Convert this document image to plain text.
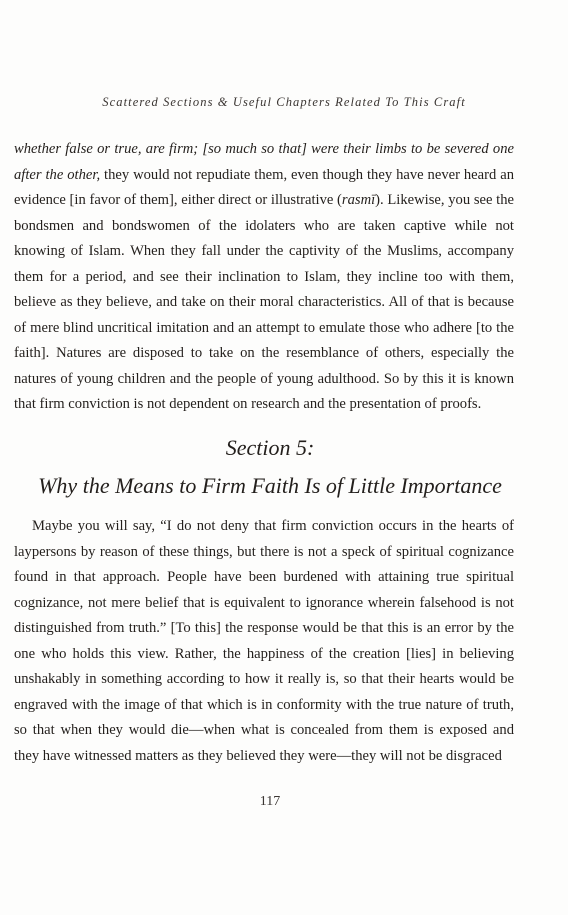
Scattered Sections & Useful Chapters Related To This Craft

whether false or true, are firm; [so much so that] were their limbs to be severed one after the other, they would not repudiate them, even though they have never heard an evidence [in favor of them], either direct or illustrative (rasmī). Likewise, you see the bondsmen and bondswomen of the idolaters who are taken captive while not knowing of Islam. When they fall under the captivity of the Muslims, accompany them for a period, and see their inclination to Islam, they incline too with them, believe as they believe, and take on their moral characteristics. All of that is because of mere blind uncritical imitation and an attempt to emulate those who adhere [to the faith]. Natures are disposed to take on the resemblance of others, especially the natures of young children and the people of young adulthood. So by this it is known that firm conviction is not dependent on research and the presentation of proofs.

Section 5:
Why the Means to Firm Faith Is of Little Importance

Maybe you will say, “I do not deny that firm conviction occurs in the hearts of laypersons by reason of these things, but there is not a speck of spiritual cognizance found in that approach. People have been burdened with attaining true spiritual cognizance, not mere belief that is equivalent to ignorance wherein falsehood is not distinguished from truth.” [To this] the response would be that this is an error by the one who holds this view. Rather, the happiness of the creation [lies] in believing unshakably in something according to how it really is, so that their hearts would be engraved with the image of that which is in conformity with the true nature of truth, so that when they would die—when what is concealed from them is exposed and they have witnessed matters as they believed they were—they will not be disgraced

117
